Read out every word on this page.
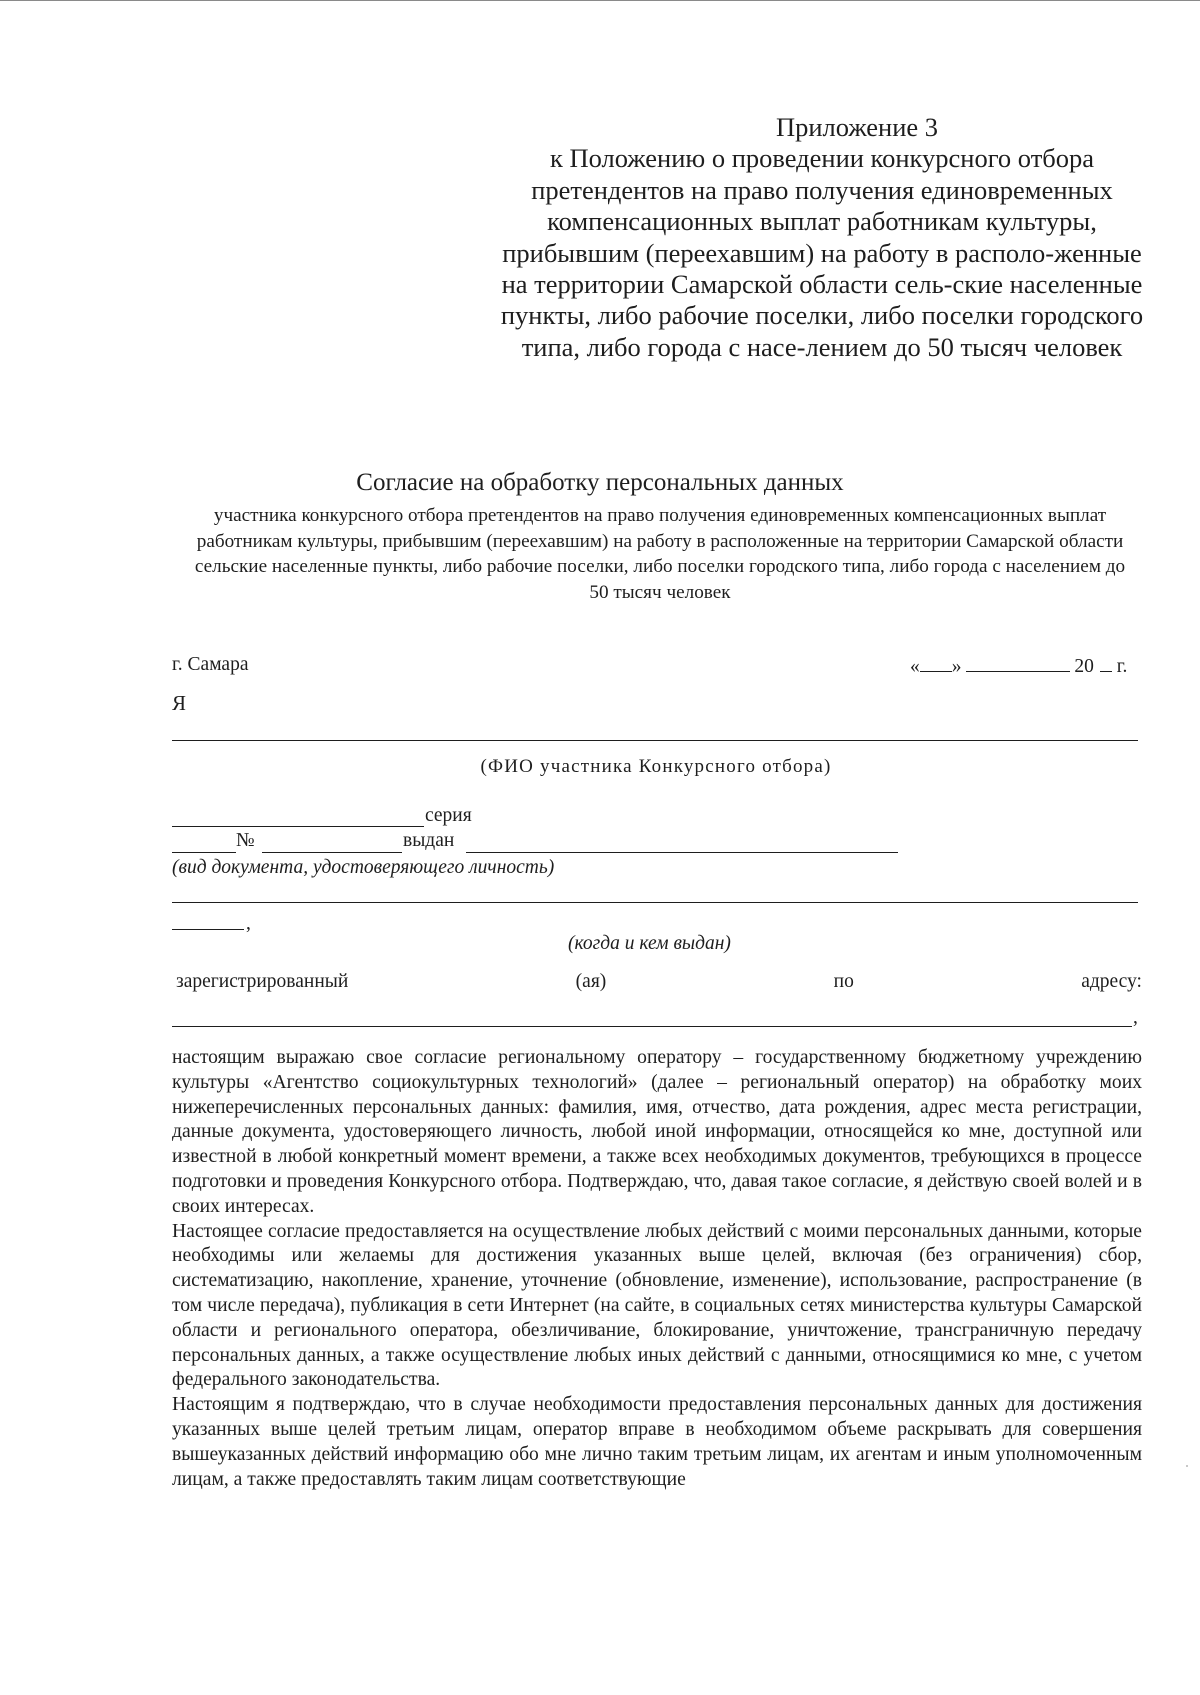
Приложение 3

к Положению о проведении конкурсного отбора претендентов на право получения единовременных компенсационных выплат работникам культуры, прибывшим (переехавшим) на работу в располо-женные на территории Самарской области сель-ские населенные пункты, либо рабочие поселки, либо поселки городского типа, либо города с насе-лением до 50 тысяч человек

Согласие на обработку персональных данных
участника конкурсного отбора претендентов на право получения единовременных компенсационных выплат работникам культуры, прибывшим (переехавшим) на работу в расположенные на территории Самарской области сельские населенные пункты, либо рабочие поселки, либо поселки городского типа, либо города с населением до 50 тысяч человек
г. Самара	« »	20 г.
Я
(ФИО участника Конкурсного отбора)
серия
№	выдан
(вид документа, удостоверяющего личность)
,
(когда и кем выдан)
зарегистрированный	(ая)	по	адресу:
,

настоящим выражаю свое согласие региональному оператору – государственному бюджетному учреждению культуры «Агентство социокультурных технологий» (далее – региональный оператор) на обработку моих нижеперечисленных персональных данных: фамилия, имя, отчество, дата рождения, адрес места регистрации, данные документа, удостоверяющего личность, любой иной информации, относящейся ко мне, доступной или известной в любой конкретный момент времени, а также всех необходимых документов, требующихся в процессе подготовки и проведения Конкурсного отбора. Подтверждаю, что, давая такое согласие, я действую своей волей и в своих интересах.

Настоящее согласие предоставляется на осуществление любых действий с моими персональных данными, которые необходимы или желаемы для достижения указанных выше целей, включая (без ограничения) сбор, систематизацию, накопление, хранение, уточнение (обновление, изменение), использование, распространение (в том числе передача), публикация в сети Интернет (на сайте, в социальных сетях министерства культуры Самарской области и регионального оператора, обезличивание, блокирование, уничтожение, трансграничную передачу персональных данных, а также осуществление любых иных действий с данными, относящимися ко мне, с учетом федерального законодательства.

Настоящим я подтверждаю, что в случае необходимости предоставления персональных данных для достижения указанных выше целей третьим лицам, оператор вправе в необходимом объеме раскрывать для совершения вышеуказанных действий информацию обо мне лично таким третьим лицам, их агентам и иным уполномоченным лицам, а также предоставлять таким лицам соответствующие
